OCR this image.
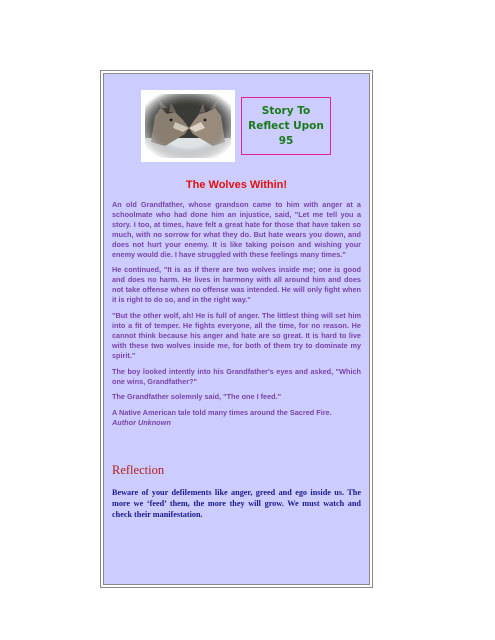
Story To
Reflect Upon
95
The Wolves Within!

An old Grandfather, whose grandson came to him with anger at a schoolmate who had done him an injustice, said, "Let me tell you a story. I too, at times, have felt a great hate for those that have taken so much, with no sorrow for what they do. But hate wears you down, and does not hurt your enemy. It is like taking poison and wishing your enemy would die. I have struggled with these feelings many times."

He continued, "It is as if there are two wolves inside me; one is good and does no harm. He lives in harmony with all around him and does not take offense when no offense was intended. He will only fight when it is right to do so, and in the right way."

"But the other wolf, ah! He is full of anger. The littlest thing will set him into a fit of temper. He fights everyone, all the time, for no reason. He cannot think because his anger and hate are so great. It is hard to live with these two wolves inside me, for both of them try to dominate my spirit."

The boy looked intently into his Grandfather's eyes and asked, "Which one wins, Grandfather?"

The Grandfather solemnly said, "The one I feed."

A Native American tale told many times around the Sacred Fire.
Author Unknown

Reflection
Beware of your defilements like anger, greed and ego inside us. The more we ‘feed’ them, the more they will grow. We must watch and check their manifestation.
